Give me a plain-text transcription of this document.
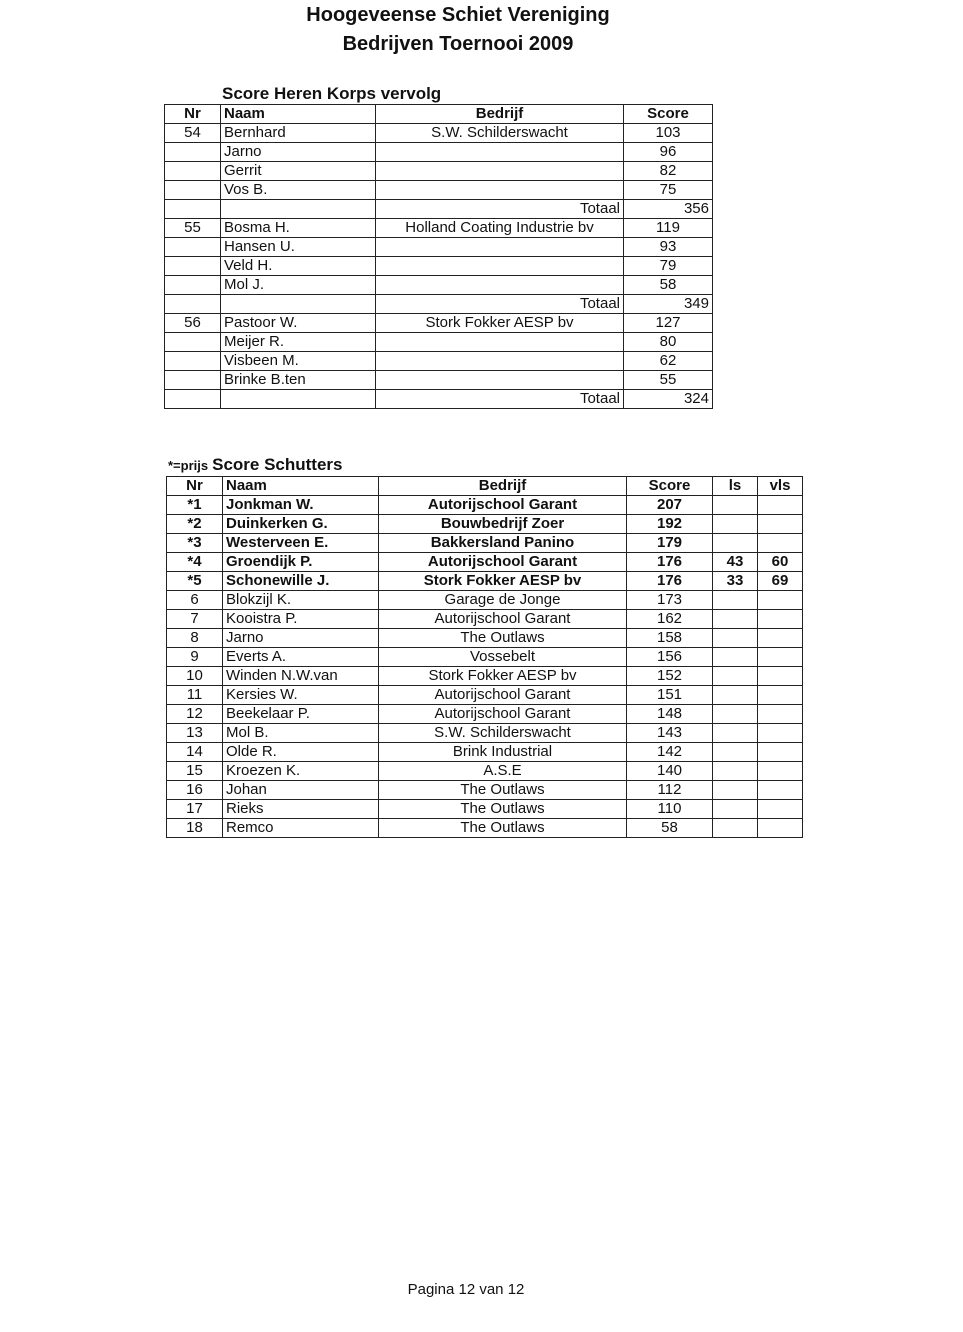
Hoogeveense Schiet Vereniging
Bedrijven Toernooi 2009
Score Heren Korps vervolg
Nr	Naam	Bedrijf	Score
54	Bernhard	S.W. Schilderswacht	103
	Jarno		96
	Gerrit		82
	Vos B.		75
		Totaal	356
55	Bosma H.	Holland Coating Industrie bv	119
	Hansen U.		93
	Veld H.		79
	Mol J.		58
		Totaal	349
56	Pastoor W.	Stork Fokker AESP bv	127
	Meijer R.		80
	Visbeen M.		62
	Brinke B.ten		55
		Totaal	324
*=prijs Score Schutters
Nr	Naam	Bedrijf	Score	ls	vls
*1	Jonkman W.	Autorijschool Garant	207		
*2	Duinkerken G.	Bouwbedrijf Zoer	192		
*3	Westerveen E.	Bakkersland Panino	179		
*4	Groendijk P.	Autorijschool Garant	176	43	60
*5	Schonewille J.	Stork Fokker AESP bv	176	33	69
6	Blokzijl K.	Garage de Jonge	173		
7	Kooistra P.	Autorijschool Garant	162		
8	Jarno	The Outlaws	158		
9	Everts A.	Vossebelt	156		
10	Winden N.W.van	Stork Fokker AESP bv	152		
11	Kersies W.	Autorijschool Garant	151		
12	Beekelaar P.	Autorijschool Garant	148		
13	Mol B.	S.W. Schilderswacht	143		
14	Olde R.	Brink Industrial	142		
15	Kroezen K.	A.S.E	140		
16	Johan	The Outlaws	112		
17	Rieks	The Outlaws	110		
18	Remco	The Outlaws	58		
Pagina 12 van 12
